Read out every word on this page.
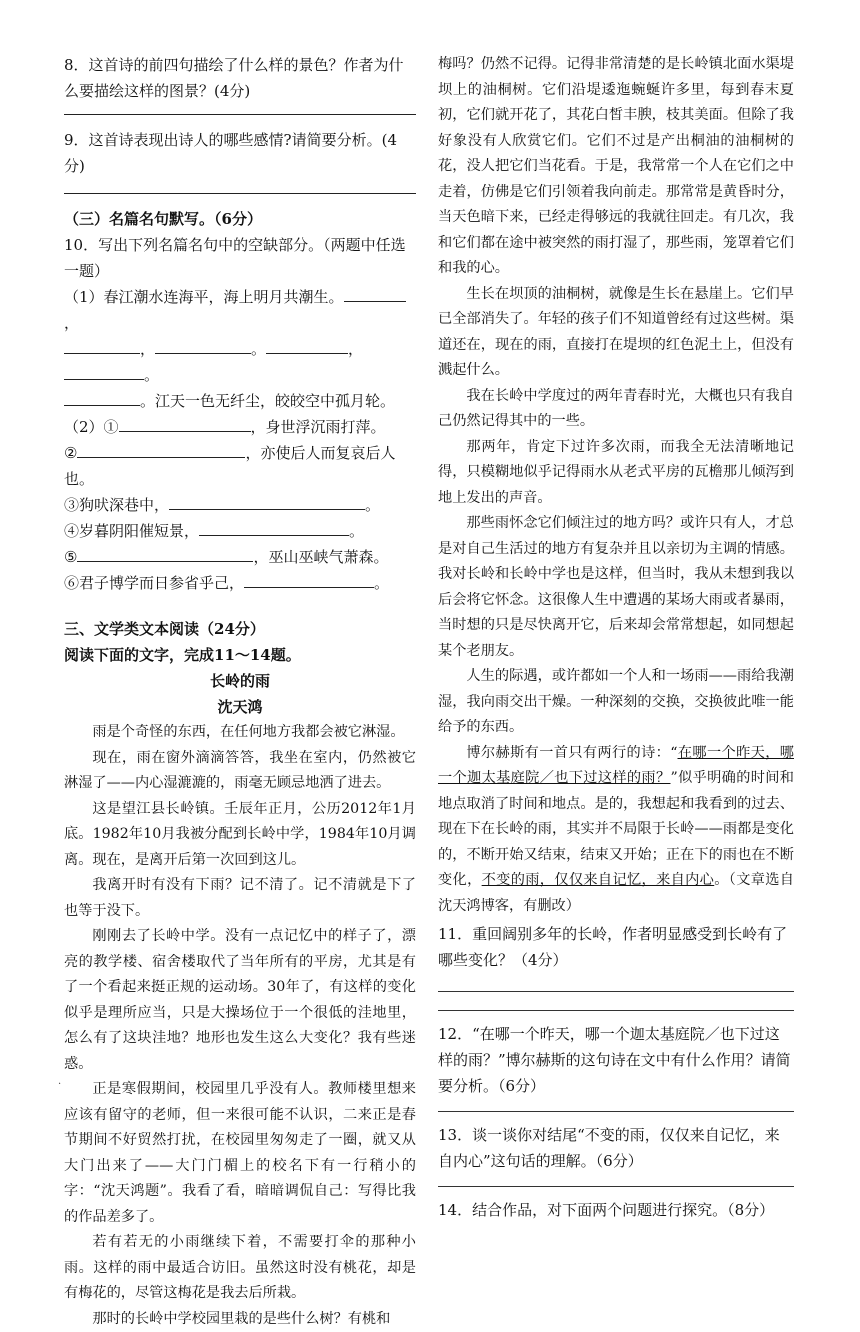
8．这首诗的前四句描绘了什么样的景色？作者为什么要描绘这样的图景？(4分)

9．这首诗表现出诗人的哪些感情?请简要分析。(4分)

（三）名篇名句默写。（6分）

10．写出下列名篇名句中的空缺部分。（两题中任选一题）

（1）春江潮水连海平，海上明月共潮生。，
，	。	，。
。江天一色无纤尘，皎皎空中孤月轮。

（2）①	，身世浮沉雨打萍。

②	，亦使后人而复哀后人也。

③狗吠深巷中，	。

④岁暮阴阳催短景，	。

⑤	，巫山巫峡气萧森。

⑥君子博学而日参省乎己，	。

三、文学类文本阅读（24分）

阅读下面的文字，完成11～14题。

长岭的雨

沈天鸿

雨是个奇怪的东西，在任何地方我都会被它淋湿。

现在，雨在窗外滴滴答答，我坐在室内，仍然被它淋湿了——内心湿漉漉的，雨毫无顾忌地洒了进去。

这是望江县长岭镇。壬辰年正月，公历2012年1月底。1982年10月我被分配到长岭中学，1984年10月调离。现在，是离开后第一次回到这儿。

我离开时有没有下雨？记不清了。记不清就是下了也等于没下。

刚刚去了长岭中学。没有一点记忆中的样子了，漂亮的教学楼、宿舍楼取代了当年所有的平房，尤其是有了一个看起来挺正规的运动场。30年了，有这样的变化似乎是理所应当，只是大操场位于一个很低的洼地里，怎么有了这块洼地？地形也发生这么大变化？我有些迷惑。

正是寒假期间，校园里几乎没有人。教师楼里想来应该有留守的老师，但一来很可能不认识，二来正是春节期间不好贸然打扰，在校园里匆匆走了一圈，就又从大门出来了——大门门楣上的校名下有一行稍小的字：“沈天鸿题”。我看了看，暗暗调侃自己：写得比我的作品差多了。

若有若无的小雨继续下着，不需要打伞的那种小雨。这样的雨中最适合访旧。虽然这时没有桃花，却是有梅花的，尽管这梅花是我去后所栽。

那时的长岭中学校园里栽的是些什么树？有桃和

梅吗？仍然不记得。记得非常清楚的是长岭镇北面水渠堤坝上的油桐树。它们沿堤逶迤蜿蜒许多里，每到春末夏初，它们就开花了，其花白皙丰腴，枝其美面。但除了我好象没有人欣赏它们。它们不过是产出桐油的油桐树的花，没人把它们当花看。于是，我常常一个人在它们之中走着，仿佛是它们引领着我向前走。那常常是黄昏时分，当天色暗下来，已经走得够远的我就往回走。有几次，我和它们都在途中被突然的雨打湿了，那些雨，笼罩着它们和我的心。

生长在坝顶的油桐树，就像是生长在悬崖上。它们早已全部消失了。年轻的孩子们不知道曾经有过这些树。渠道还在，现在的雨，直接打在堤坝的红色泥土上，但没有溅起什么。

我在长岭中学度过的两年青春时光，大概也只有我自己仍然记得其中的一些。

那两年，肯定下过许多次雨，而我全无法清晰地记得，只模糊地似乎记得雨水从老式平房的瓦檐那儿倾泻到地上发出的声音。

那些雨怀念它们倾注过的地方吗？或许只有人，才总是对自己生活过的地方有复杂并且以亲切为主调的情感。我对长岭和长岭中学也是这样，但当时，我从未想到我以后会将它怀念。这很像人生中遭遇的某场大雨或者暴雨，当时想的只是尽快离开它，后来却会常常想起，如同想起某个老朋友。

人生的际遇，或许都如一个人和一场雨——雨给我潮湿，我向雨交出干燥。一种深刻的交换，交换彼此唯一能给予的东西。

博尔赫斯有一首只有两行的诗：“在哪一个昨天，哪一个迦太基庭院／也下过这样的雨？”似乎明确的时间和地点取消了时间和地点。是的，我想起和我看到的过去、现在下在长岭的雨，其实并不局限于长岭——雨都是变化的，不断开始又结束，结束又开始；正在下的雨也在不断变化，不变的雨，仅仅来自记忆，来自内心。（文章选自沈天鸿博客，有删改）

11．重回阔别多年的长岭，作者明显感受到长岭有了哪些变化？（4分）

12．“在哪一个昨天，哪一个迦太基庭院／也下过这样的雨？”博尔赫斯的这句诗在文中有什么作用？请简要分析。（6分）

13．谈一谈你对结尾“不变的雨，仅仅来自记忆，来自内心”这句话的理解。（6分）

14．结合作品，对下面两个问题进行探究。（8分）

.
